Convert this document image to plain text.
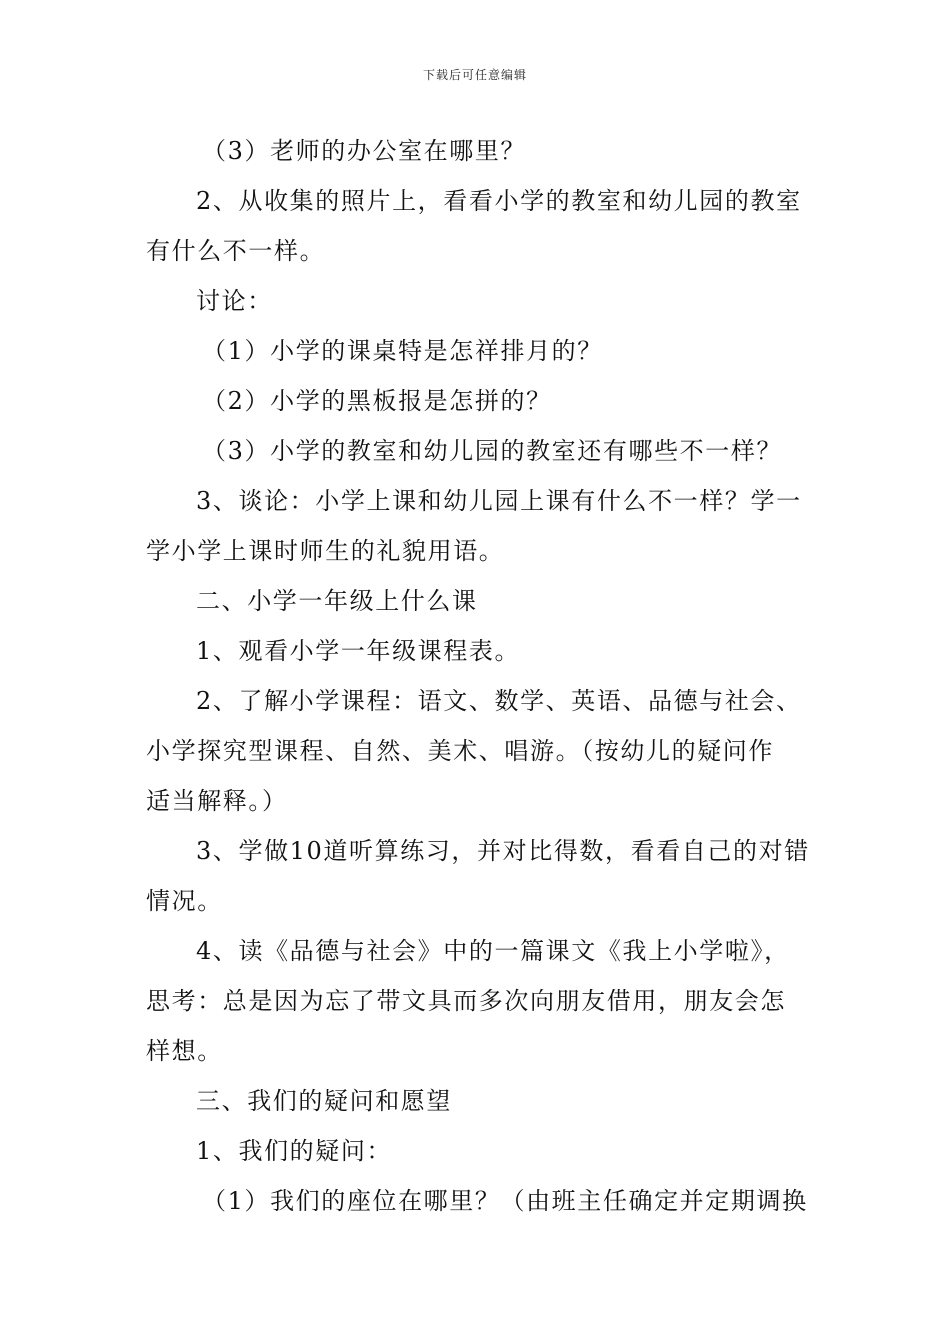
下载后可任意编辑

（3）老师的办公室在哪里？

2、从收集的照片上，看看小学的教室和幼儿园的教室

有什么不一样。

讨论：

（1）小学的课桌特是怎祥排月的？

（2）小学的黑板报是怎拼的？

（3）小学的教室和幼儿园的教室还有哪些不一样？

3、谈论：小学上课和幼儿园上课有什么不一样？学一

学小学上课时师生的礼貌用语。

二、小学一年级上什么课

1、观看小学一年级课程表。

2、了解小学课程：语文、数学、英语、品德与社会、

小学探究型课程、自然、美术、唱游。（按幼儿的疑问作

适当解释。）

3、学做10道听算练习，并对比得数，看看自己的对错

情况。

4、读《品德与社会》中的一篇课文《我上小学啦》，

思考：总是因为忘了带文具而多次向朋友借用，朋友会怎

样想。

三、我们的疑问和愿望

1、我们的疑问：

（1）我们的座位在哪里？（由班主任确定并定期调换
